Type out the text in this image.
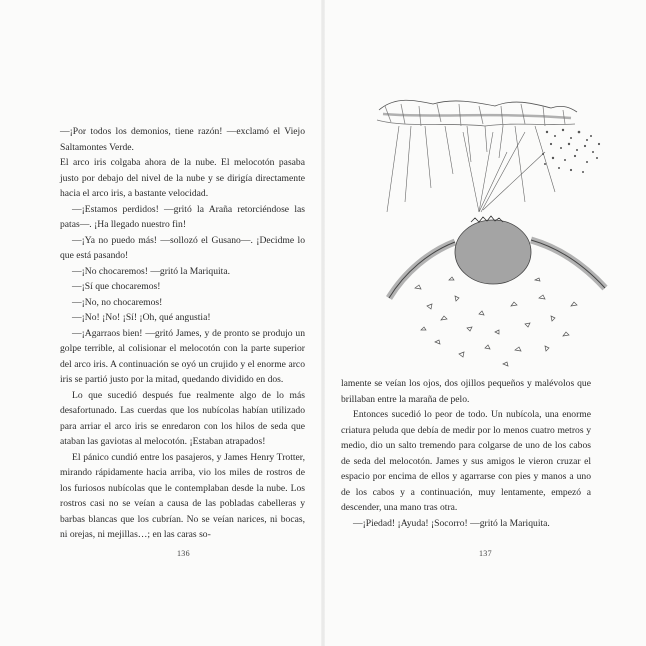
—¡Por todos los demonios, tiene razón! —exclamó el Viejo Saltamontes Verde.

El arco iris colgaba ahora de la nube. El melocotón pasaba justo por debajo del nivel de la nube y se dirigía directamente hacia el arco iris, a bastante velocidad.

—¡Estamos perdidos! —gritó la Araña retorciéndose las patas—. ¡Ha llegado nuestro fin!

—¡Ya no puedo más! —sollozó el Gusano—. ¡Decidme lo que está pasando!

—¡No chocaremos! —gritó la Mariquita.

—¡Sí que chocaremos!

—¡No, no chocaremos!

—¡No! ¡No! ¡Sí! ¡Oh, qué angustia!

—¡Agarraos bien! —gritó James, y de pronto se produjo un golpe terrible, al colisionar el melocotón con la parte superior del arco iris. A continuación se oyó un crujido y el enorme arco iris se partió justo por la mitad, quedando dividido en dos.

Lo que sucedió después fue realmente algo de lo más desafortunado. Las cuerdas que los nubícolas habían utilizado para arriar el arco iris se enredaron con los hilos de seda que ataban las gaviotas al melocotón. ¡Estaban atrapados!

El pánico cundió entre los pasajeros, y James Henry Trotter, mirando rápidamente hacia arriba, vio los miles de rostros de los furiosos nubícolas que le contemplaban desde la nube. Los rostros casi no se veían a causa de las pobladas cabelleras y barbas blancas que los cubrían. No se veían narices, ni bocas, ni orejas, ni mejillas…; en las caras so-

136

lamente se veían los ojos, dos ojillos pequeños y malévolos que brillaban entre la maraña de pelo.

Entonces sucedió lo peor de todo. Un nubícola, una enorme criatura peluda que debía de medir por lo menos cuatro metros y medio, dio un salto tremendo para colgarse de uno de los cabos de seda del melocotón. James y sus amigos le vieron cruzar el espacio por encima de ellos y agarrarse con pies y manos a uno de los cabos y a continuación, muy lentamente, empezó a descender, una mano tras otra.

—¡Piedad! ¡Ayuda! ¡Socorro! —gritó la Mariquita.

137
